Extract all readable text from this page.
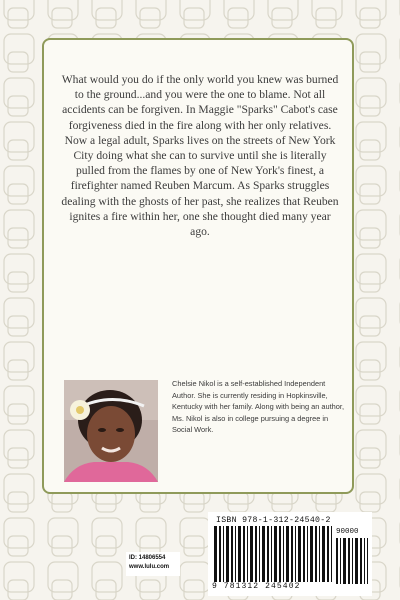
What would you do if the only world you knew was burned to the ground...and you were the one to blame. Not all accidents can be forgiven. In Maggie "Sparks" Cabot's case forgiveness died in the fire along with her only relatives. Now a legal adult, Sparks lives on the streets of New York City doing what she can to survive until she is literally pulled from the flames by one of New York's finest, a firefighter named Reuben Marcum. As Sparks struggles dealing with the ghosts of her past, she realizes that Reuben ignites a fire within her, one she thought died many year ago.

Chelsie Nikol is a self-established Independent Author. She is currently residing in Hopkinsville, Kentucky with her family. Along with being an author, Ms. Nikol is also in college pursuing a degree in Social Work.

ISBN 978-1-312-24540-2
9 781312 245402
90000
ID: 14806554
www.lulu.com
